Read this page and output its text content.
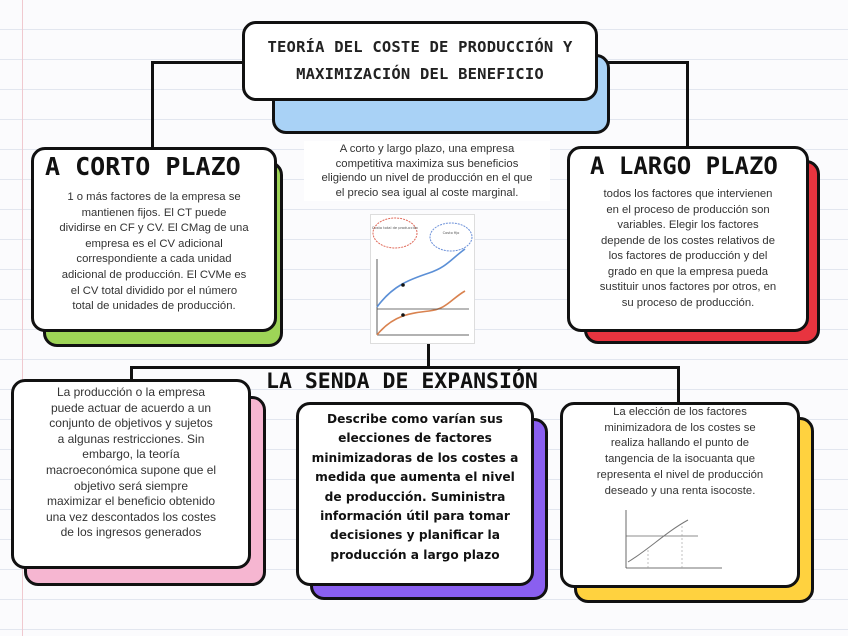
TEORÍA DEL COSTE DE PRODUCCIÓN Y
MAXIMIZACIÓN DEL BENEFICIO
A corto y largo plazo, una empresa
competitiva maximiza sus beneficios
eligiendo un nivel de producción en el que
el precio sea igual al coste marginal.
Costo total de producción
Costo fijo
A CORTO PLAZO
1 o más factores de la empresa se
mantienen fijos. El CT puede
dividirse en CF y CV. El CMag de una
empresa es el CV adicional
correspondiente a cada unidad
adicional de producción. El CVMe es
el CV total dividido por el número
total de unidades de producción.
A LARGO PLAZO
todos los factores que intervienen
en el proceso de producción son
variables. Elegir los factores
depende de los costes relativos de
los factores de producción y del
grado en que la empresa pueda
sustituir unos factores por otros, en
su proceso de producción.
LA SENDA DE EXPANSIÓN
La producción o la empresa
puede actuar de acuerdo a un
conjunto de objetivos y sujetos
a algunas restricciones. Sin
embargo, la teoría
macroeconómica supone que el
objetivo será siempre
maximizar el beneficio obtenido
una vez descontados los costes
de los ingresos generados
Describe como varían sus
elecciones de factores
minimizadoras de los costes a
medida que aumenta el nivel
de producción. Suministra
información útil para tomar
decisiones y planificar la
producción a largo plazo
La elección de los factores
minimizadora de los costes se
realiza hallando el punto de
tangencia de la isocuanta que
representa el nivel de producción
deseado y una renta isocoste.
